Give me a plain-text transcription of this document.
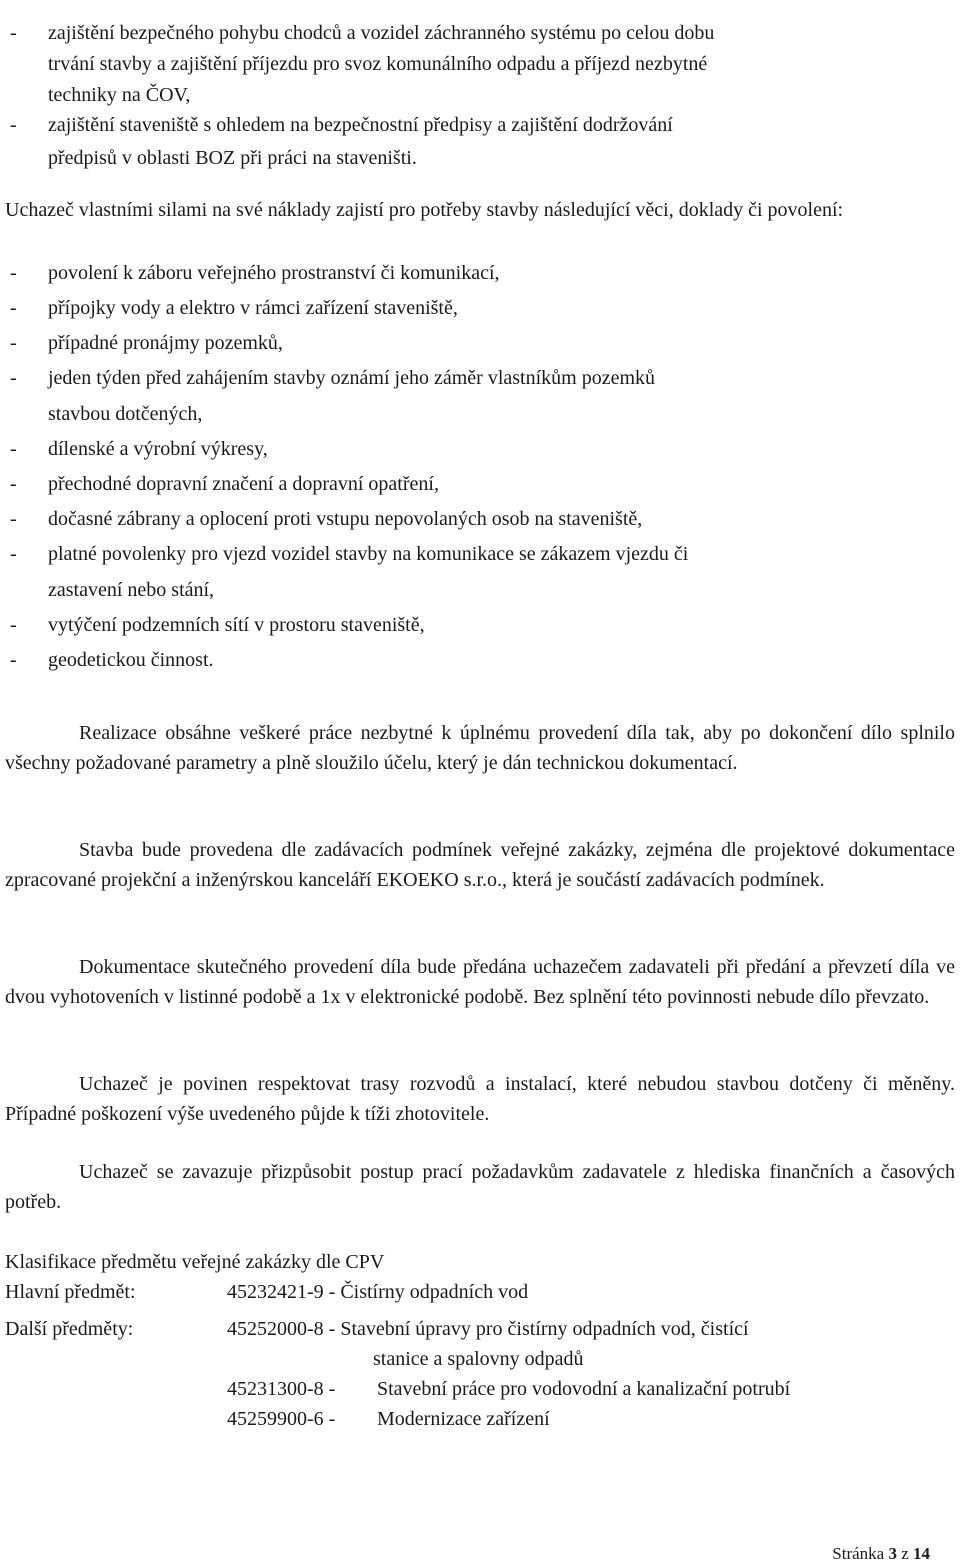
- zajištění bezpečného pohybu chodců a vozidel záchranného systému po celou dobu
trvání stavby a zajištění příjezdu pro svoz komunálního odpadu a příjezd nezbytné
techniky na ČOV,
- zajištění staveniště s ohledem na bezpečnostní předpisy a zajištění dodržování
předpisů v oblasti BOZ při práci na staveništi.

Uchazeč vlastními silami na své náklady zajistí pro potřeby stavby následující věci, doklady či povolení:

- povolení k záboru veřejného prostranství či komunikací,
- přípojky vody a elektro v rámci zařízení staveniště,
- případné pronájmy pozemků,
- jeden týden před zahájením stavby oznámí jeho záměr vlastníkům pozemků
stavbou dotčených,
- dílenské a výrobní výkresy,
- přechodné dopravní značení a dopravní opatření,
- dočasné zábrany a oplocení proti vstupu nepovolaných osob na staveniště,
- platné povolenky pro vjezd vozidel stavby na komunikace se zákazem vjezdu či
zastavení nebo stání,
- vytýčení podzemních sítí v prostoru staveniště,
- geodetickou činnost.

Realizace obsáhne veškeré práce nezbytné k úplnému provedení díla tak, aby po dokončení dílo splnilo všechny požadované parametry a plně sloužilo účelu, který je dán technickou dokumentací.

Stavba bude provedena dle zadávacích podmínek veřejné zakázky, zejména dle projektové dokumentace zpracované projekční a inženýrskou kanceláří EKOEKO s.r.o., která je součástí zadávacích podmínek.

Dokumentace skutečného provedení díla bude předána uchazečem zadavateli při předání a převzetí díla ve dvou vyhotoveních v listinné podobě a 1x v elektronické podobě. Bez splnění této povinnosti nebude dílo převzato.

Uchazeč je povinen respektovat trasy rozvodů a instalací, které nebudou stavbou dotčeny či měněny. Případné poškození výše uvedeného půjde k tíži zhotovitele.

Uchazeč se zavazuje přizpůsobit postup prací požadavkům zadavatele z hlediska finančních a časových potřeb.

Klasifikace předmětu veřejné zakázky dle CPV
Hlavní předmět:	45232421-9 - Čistírny odpadních vod
Další předměty:	45252000-8 - Stavební úpravy pro čistírny odpadních vod, čistící
stanice a spalovny odpadů
45231300-8 - Stavební práce pro vodovodní a kanalizační potrubí
45259900-6 - Modernizace zařízení
Stránka 3 z 14
